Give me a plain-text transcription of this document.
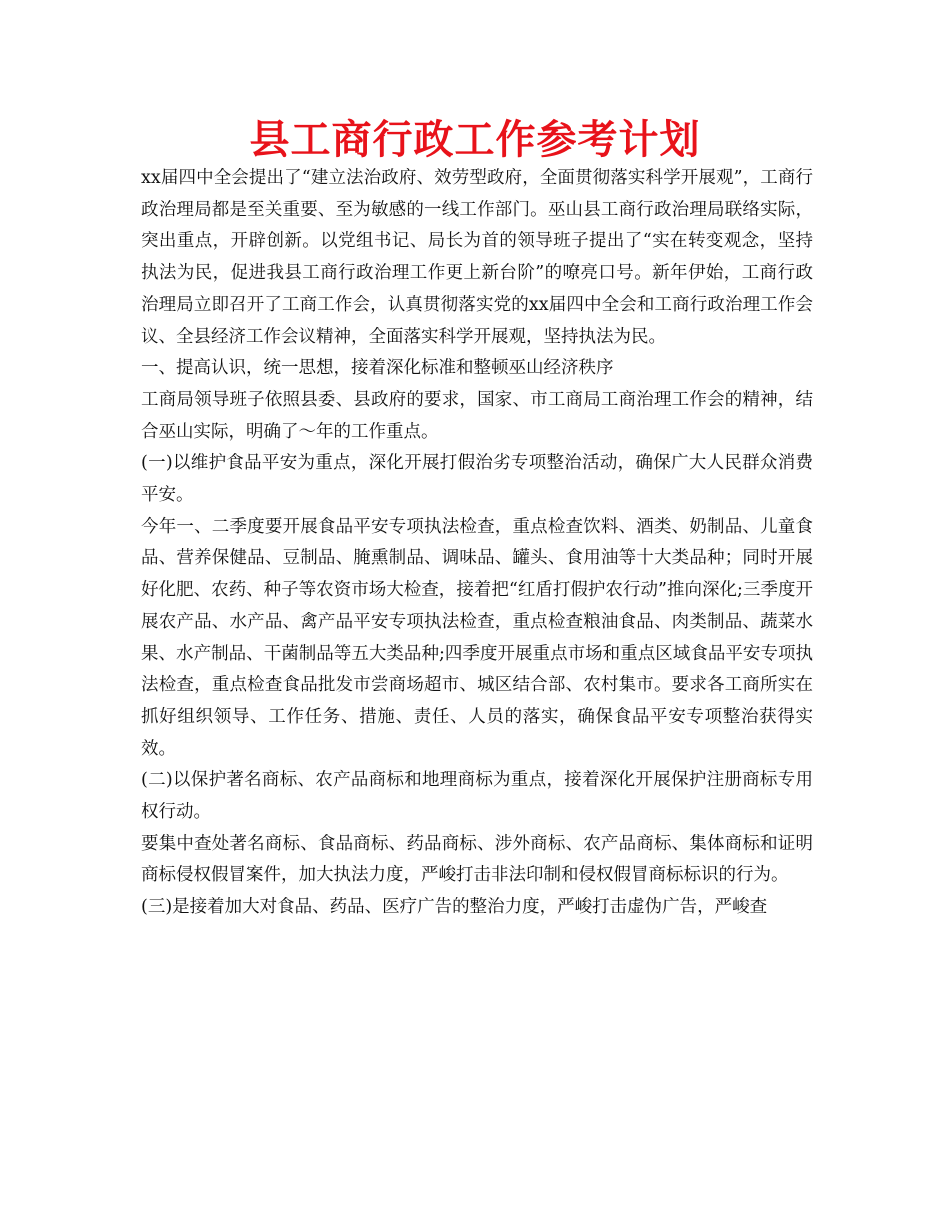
县工商行政工作参考计划

xx届四中全会提出了“建立法治政府、效劳型政府，全面贯彻落实科学开展观”，工商行政治理局都是至关重要、至为敏感的一线工作部门。巫山县工商行政治理局联络实际，突出重点，开辟创新。以党组书记、局长为首的领导班子提出了“实在转变观念，坚持执法为民，促进我县工商行政治理工作更上新台阶”的嘹亮口号。新年伊始，工商行政治理局立即召开了工商工作会，认真贯彻落实党的xx届四中全会和工商行政治理工作会议、全县经济工作会议精神，全面落实科学开展观，坚持执法为民。

一、提高认识，统一思想，接着深化标准和整顿巫山经济秩序

工商局领导班子依照县委、县政府的要求，国家、市工商局工商治理工作会的精神，结合巫山实际，明确了～年的工作重点。

(一)以维护食品平安为重点，深化开展打假治劣专项整治活动，确保广大人民群众消费平安。

今年一、二季度要开展食品平安专项执法检查，重点检查饮料、酒类、奶制品、儿童食品、营养保健品、豆制品、腌熏制品、调味品、罐头、食用油等十大类品种；同时开展好化肥、农药、种子等农资市场大检查，接着把“红盾打假护农行动”推向深化;三季度开展农产品、水产品、禽产品平安专项执法检查，重点检查粮油食品、肉类制品、蔬菜水果、水产制品、干菌制品等五大类品种;四季度开展重点市场和重点区域食品平安专项执法检查，重点检查食品批发市尝商场超市、城区结合部、农村集市。要求各工商所实在抓好组织领导、工作任务、措施、责任、人员的落实，确保食品平安专项整治获得实效。

(二)以保护著名商标、农产品商标和地理商标为重点，接着深化开展保护注册商标专用权行动。

要集中查处著名商标、食品商标、药品商标、涉外商标、农产品商标、集体商标和证明商标侵权假冒案件，加大执法力度，严峻打击非法印制和侵权假冒商标标识的行为。

(三)是接着加大对食品、药品、医疗广告的整治力度，严峻打击虚伪广告，严峻查
